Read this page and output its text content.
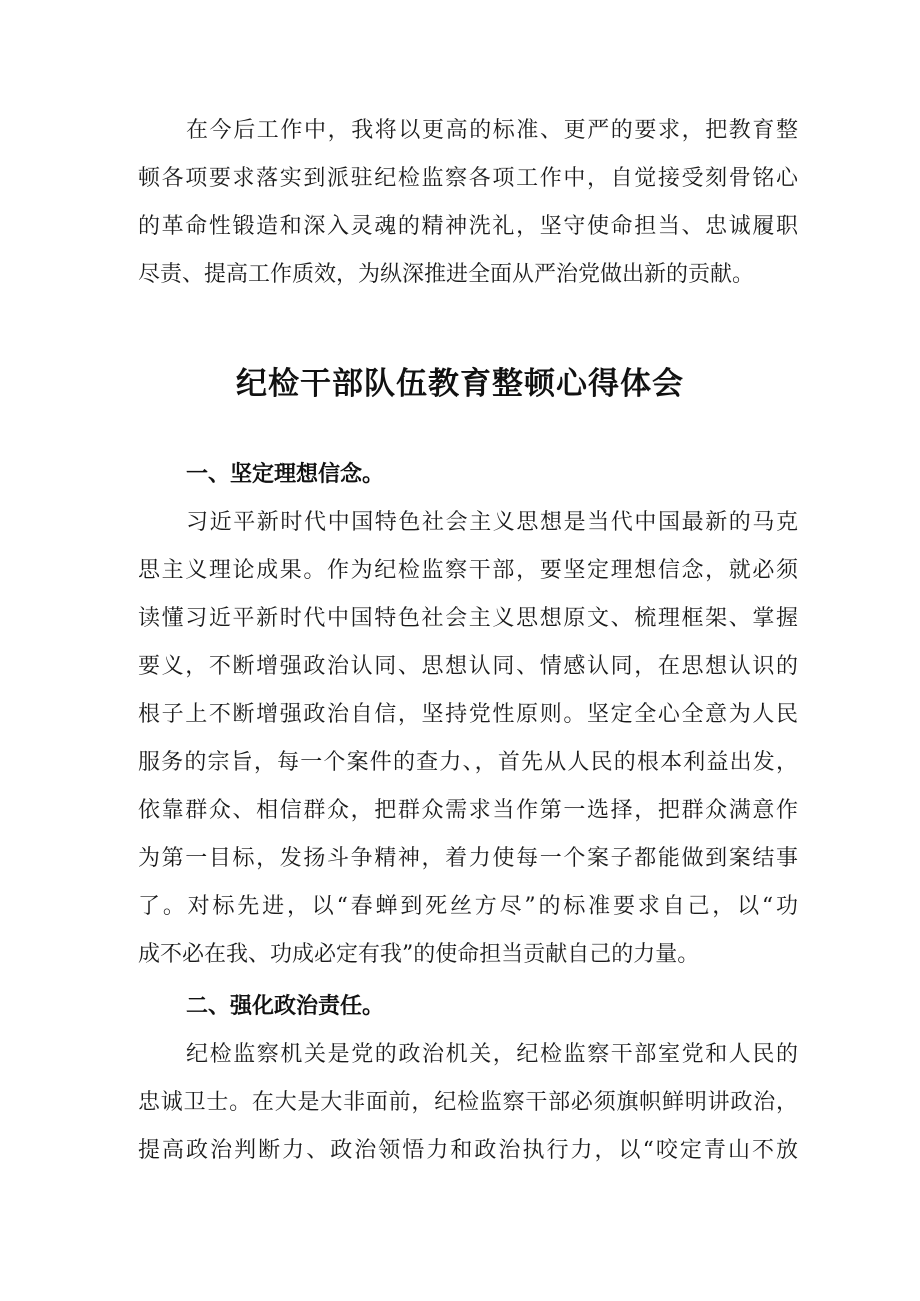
在今后工作中，我将以更高的标准、更严的要求，把教育整
顿各项要求落实到派驻纪检监察各项工作中，自觉接受刻骨铭心
的革命性锻造和深入灵魂的精神洗礼，坚守使命担当、忠诚履职
尽责、提高工作质效，为纵深推进全面从严治党做出新的贡献。
纪检干部队伍教育整顿心得体会
一、坚定理想信念。
习近平新时代中国特色社会主义思想是当代中国最新的马克
思主义理论成果。作为纪检监察干部，要坚定理想信念，就必须
读懂习近平新时代中国特色社会主义思想原文、梳理框架、掌握
要义，不断增强政治认同、思想认同、情感认同，在思想认识的
根子上不断增强政治自信，坚持党性原则。坚定全心全意为人民
服务的宗旨，每一个案件的查力、，首先从人民的根本利益出发，
依靠群众、相信群众，把群众需求当作第一选择，把群众满意作
为第一目标，发扬斗争精神，着力使每一个案子都能做到案结事
了。对标先进，以“春蝉到死丝方尽”的标准要求自己，以“功
成不必在我、功成必定有我”的使命担当贡献自己的力量。
二、强化政治责任。
纪检监察机关是党的政治机关，纪检监察干部室党和人民的
忠诚卫士。在大是大非面前，纪检监察干部必须旗帜鲜明讲政治，
提高政治判断力、政治领悟力和政治执行力，以“咬定青山不放
